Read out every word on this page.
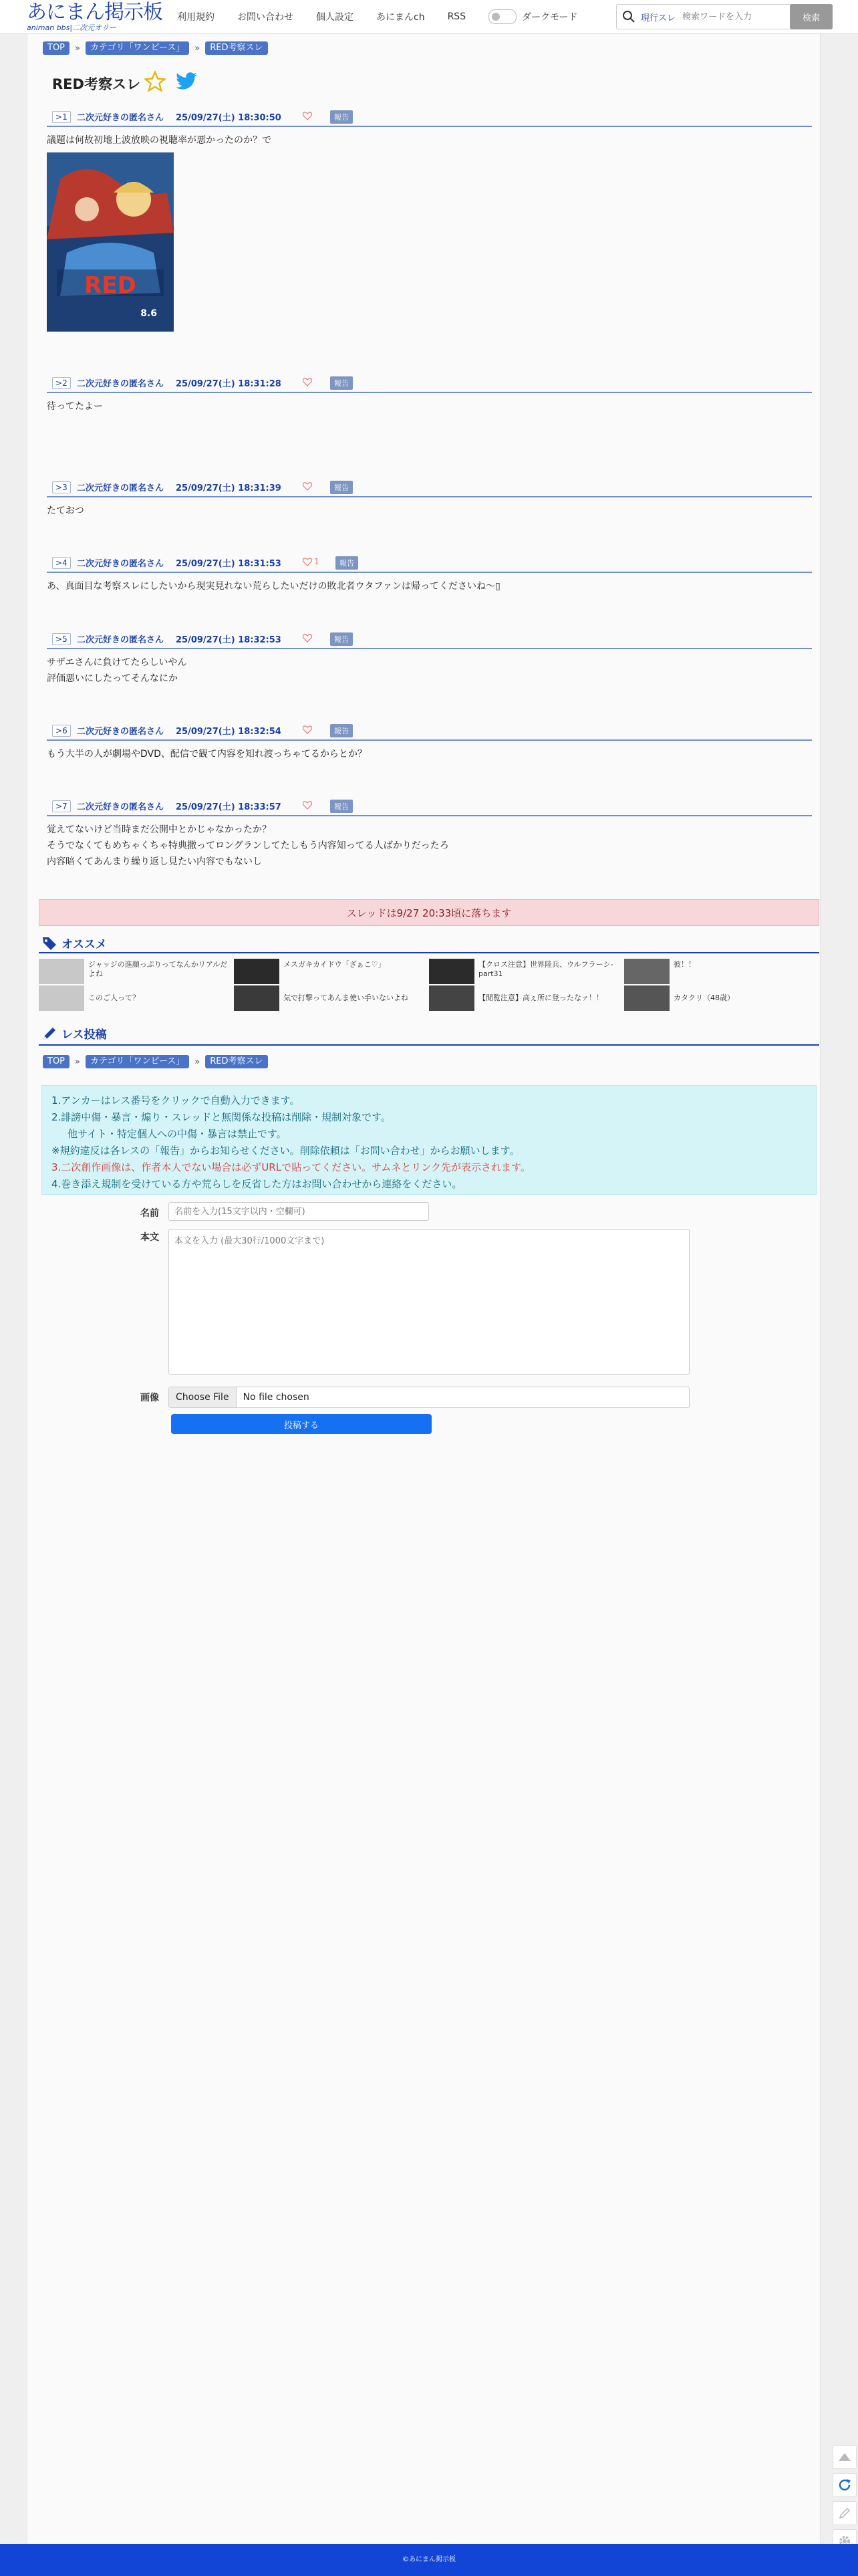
あにまん掲示板
animan bbs|二次元オリー
利用規約 お問い合わせ 個人設定 あにまんch RSS	ダークモード	現行スレ
検索ワードを入力	検索
TOP	»	カテゴリ「ワンピース」	»	RED考察スレ
RED考察スレ
>1	二次元好きの匿名さん 25/09/27(土) 18:30:50	報告
議題は何故初地上波放映の視聴率が悪かったのか？で
RED
8.6
>2	二次元好きの匿名さん 25/09/27(土) 18:31:28	報告
待ってたよー
>3	二次元好きの匿名さん 25/09/27(土) 18:31:39	報告
たておつ
>4	二次元好きの匿名さん 25/09/27(土) 18:31:53	1	報告
あ、真面目な考察スレにしたいから現実見れない荒らしたいだけの敗北者ウタファンは帰ってくださいね〜▯
>5	二次元好きの匿名さん 25/09/27(土) 18:32:53	報告
サザエさんに負けてたらしいやん
評価悪いにしたってそんなにか
>6	二次元好きの匿名さん 25/09/27(土) 18:32:54	報告
もう大半の人が劇場やDVD、配信で観て内容を知れ渡っちゃてるからとか？
>7	二次元好きの匿名さん 25/09/27(土) 18:33:57	報告
覚えてないけど当時まだ公開中とかじゃなかったか？
そうでなくてもめちゃくちゃ特典撒ってロングランしてたしもう内容知ってる人ばかりだったろ
内容暗くてあんまり繰り返し見たい内容でもないし
スレッドは9/27 20:33頃に落ちます
オススメ
ジャッジの進顔っぷりってなんかリアルだよね
このご人って？
メスガキカイドウ「ざぁこ♡」
気で打撃ってあんま使い手いないよね
【クロス注意】世界陸兵、ウルフラーシ-part31
【閲覧注意】高ぇ所に登ったなァ！！
彼！！
カタクリ（48歳）
レス投稿
TOP	»	カテゴリ「ワンピース」	»	RED考察スレ
1.アンカーはレス番号をクリックで自動入力できます。
2.誹謗中傷・暴言・煽り・スレッドと無関係な投稿は削除・規制対象です。
他サイト・特定個人への中傷・暴言は禁止です。
※規約違反は各レスの「報告」からお知らせください。削除依頼は「お問い合わせ」からお願いします。
3.二次創作画像は、作者本人でない場合は必ずURLで貼ってください。サムネとリンク先が表示されます。
4.巻き添え規制を受けている方や荒らしを反省した方はお問い合わせから連絡をください。
名前
名前を入力(15文字以内・空欄可)
本文
本文を入力 (最大30行/1000文字まで)
画像	Choose File	No file chosen
投稿する
©あにまん掲示板
